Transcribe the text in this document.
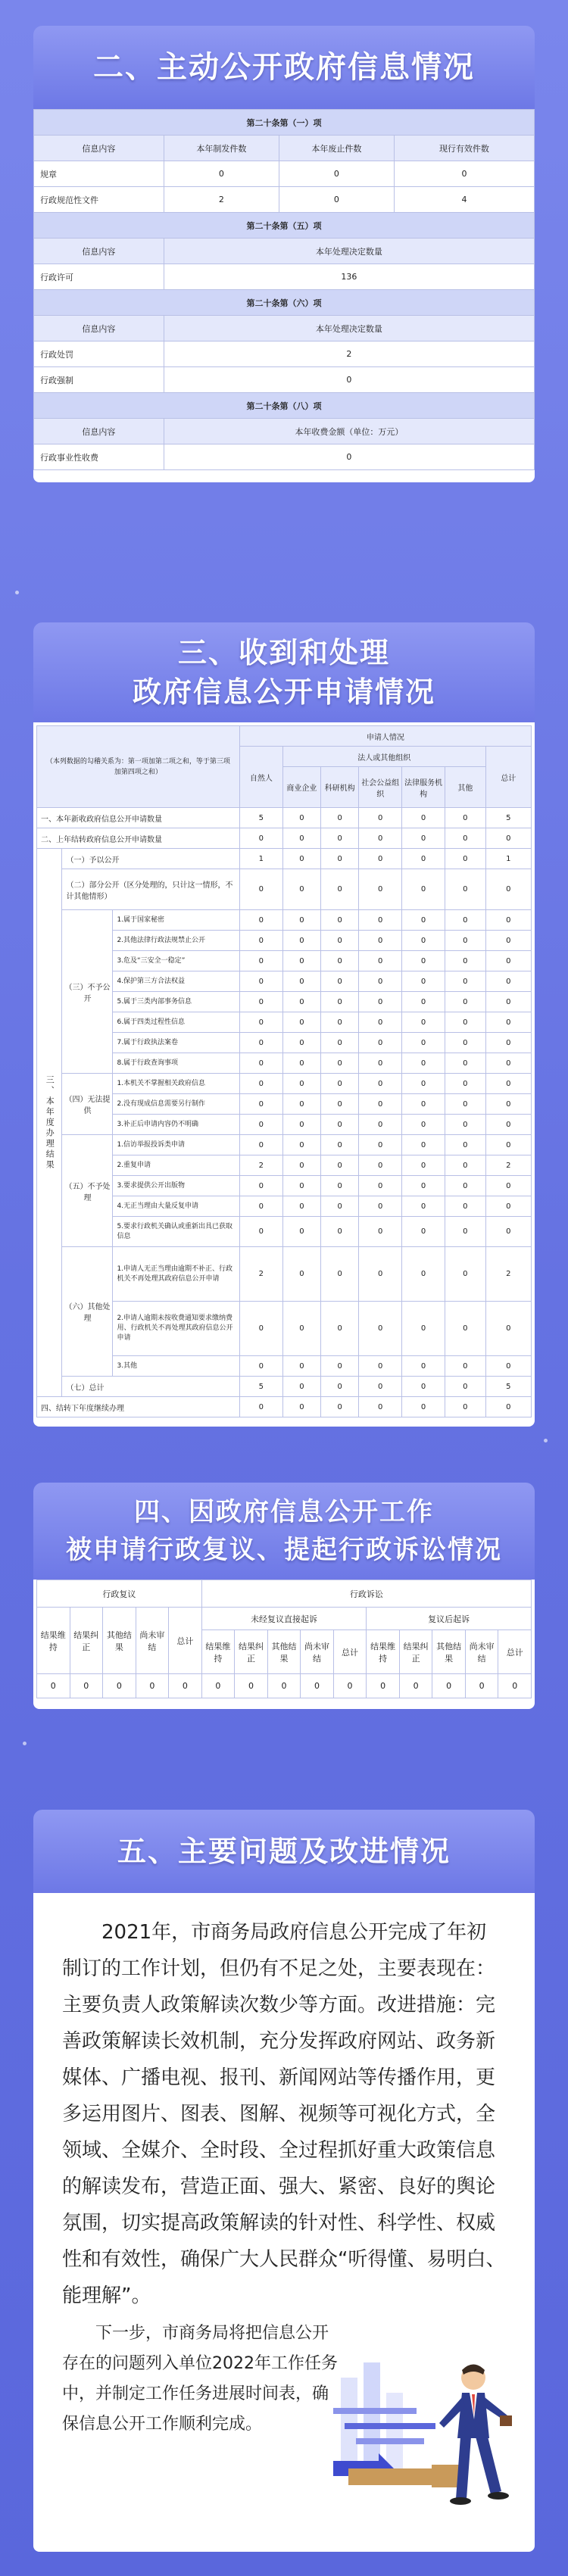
二、主动公开政府信息情况
第二十条第（一）项			
信息内容	本年制发件数	本年废止件数	现行有效件数
规章	0	0	0
行政规范性文件	2	0	4
第二十条第（五）项			
信息内容	本年处理决定数量		
行政许可	136		
第二十条第（六）项			
信息内容	本年处理决定数量		
行政处罚	2		
行政强制	0		
第二十条第（八）项			
信息内容	本年收费金额（单位：万元）		
行政事业性收费	0		
三、收到和处理
政府信息公开申请情况
（本列数据的勾稽关系为：第一项加第二项之和，等于第三项加第四项之和）			申请人情况						
			自然人	法人或其他组织					总计
				商业企业	科研机构	社会公益组织	法律服务机构	其他	
一、本年新收政府信息公开申请数量			5	0	0	0	0	0	5
二、上年结转政府信息公开申请数量			0	0	0	0	0	0	0
三、本年度办理结果	（一）予以公开		1	0	0	0	0	0	1
	（二）部分公开（区分处理的，只计这一情形，不计其他情形）		0	0	0	0	0	0	0
	（三）不予公开	1.属于国家秘密	0	0	0	0	0	0	0
		2.其他法律行政法规禁止公开	0	0	0	0	0	0	0
		3.危及“三安全一稳定”	0	0	0	0	0	0	0
		4.保护第三方合法权益	0	0	0	0	0	0	0
		5.属于三类内部事务信息	0	0	0	0	0	0	0
		6.属于四类过程性信息	0	0	0	0	0	0	0
		7.属于行政执法案卷	0	0	0	0	0	0	0
		8.属于行政查询事项	0	0	0	0	0	0	0
	（四）无法提供	1.本机关不掌握相关政府信息	0	0	0	0	0	0	0
		2.没有现成信息需要另行制作	0	0	0	0	0	0	0
		3.补正后申请内容仍不明确	0	0	0	0	0	0	0
	（五）不予处理	1.信访举报投诉类申请	0	0	0	0	0	0	0
		2.重复申请	2	0	0	0	0	0	2
		3.要求提供公开出版物	0	0	0	0	0	0	0
		4.无正当理由大量反复申请	0	0	0	0	0	0	0
		5.要求行政机关确认或重新出具已获取信息	0	0	0	0	0	0	0
	（六）其他处理	1.申请人无正当理由逾期不补正、行政机关不再处理其政府信息公开申请	2	0	0	0	0	0	2
		2.申请人逾期未按收费通知要求缴纳费用、行政机关不再处理其政府信息公开申请	0	0	0	0	0	0	0
		3.其他	0	0	0	0	0	0	0
	（七）总计		5	0	0	0	0	0	5
四、结转下年度继续办理			0	0	0	0	0	0	0
四、因政府信息公开工作
被申请行政复议、提起行政诉讼情况
行政复议					行政诉讼									
结果维持	结果纠正	其他结果	尚未审结	总计	未经复议直接起诉					复议后起诉				
					结果维持	结果纠正	其他结果	尚未审结	总计	结果维持	结果纠正	其他结果	尚未审结	总计
0	0	0	0	0	0	0	0	0	0	0	0	0	0	0
五、主要问题及改进情况

2021年，市商务局政府信息公开完成了年初制订的工作计划，但仍有不足之处，主要表现在：主要负责人政策解读次数少等方面。改进措施：完善政策解读长效机制，充分发挥政府网站、政务新媒体、广播电视、报刊、新闻网站等传播作用，更多运用图片、图表、图解、视频等可视化方式，全领域、全媒介、全时段、全过程抓好重大政策信息的解读发布，营造正面、强大、紧密、良好的舆论氛围，切实提高政策解读的针对性、科学性、权威性和有效性，确保广大人民群众“听得懂、易明白、能理解”。

下一步，市商务局将把信息公开存在的问题列入单位2022年工作任务中，并制定工作任务进展时间表，确保信息公开工作顺利完成。
